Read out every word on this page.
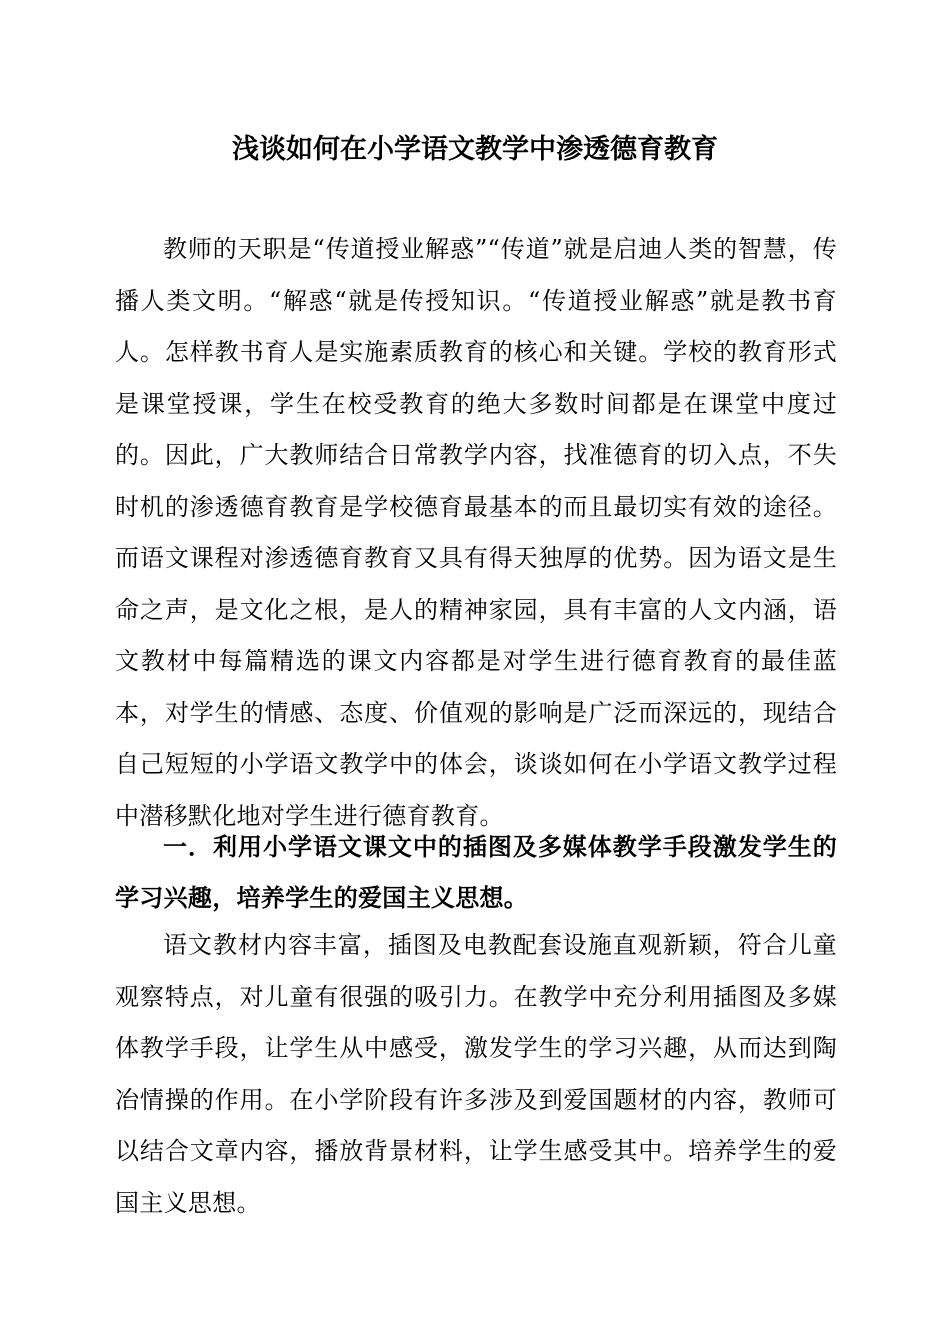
浅谈如何在小学语文教学中渗透德育教育

教师的天职是“传道授业解惑”“传道”就是启迪人类的智慧，传播人类文明。“解惑“就是传授知识。“传道授业解惑”就是教书育人。怎样教书育人是实施素质教育的核心和关键。学校的教育形式是课堂授课，学生在校受教育的绝大多数时间都是在课堂中度过的。因此，广大教师结合日常教学内容，找准德育的切入点，不失时机的渗透德育教育是学校德育最基本的而且最切实有效的途径。而语文课程对渗透德育教育又具有得天独厚的优势。因为语文是生命之声，是文化之根，是人的精神家园，具有丰富的人文内涵，语文教材中每篇精选的课文内容都是对学生进行德育教育的最佳蓝本，对学生的情感、态度、价值观的影响是广泛而深远的，现结合自己短短的小学语文教学中的体会，谈谈如何在小学语文教学过程中潜移默化地对学生进行德育教育。

一．利用小学语文课文中的插图及多媒体教学手段激发学生的学习兴趣，培养学生的爱国主义思想。

语文教材内容丰富，插图及电教配套设施直观新颖，符合儿童观察特点，对儿童有很强的吸引力。在教学中充分利用插图及多媒体教学手段，让学生从中感受，激发学生的学习兴趣，从而达到陶冶情操的作用。在小学阶段有许多涉及到爱国题材的内容，教师可以结合文章内容，播放背景材料，让学生感受其中。培养学生的爱国主义思想。
